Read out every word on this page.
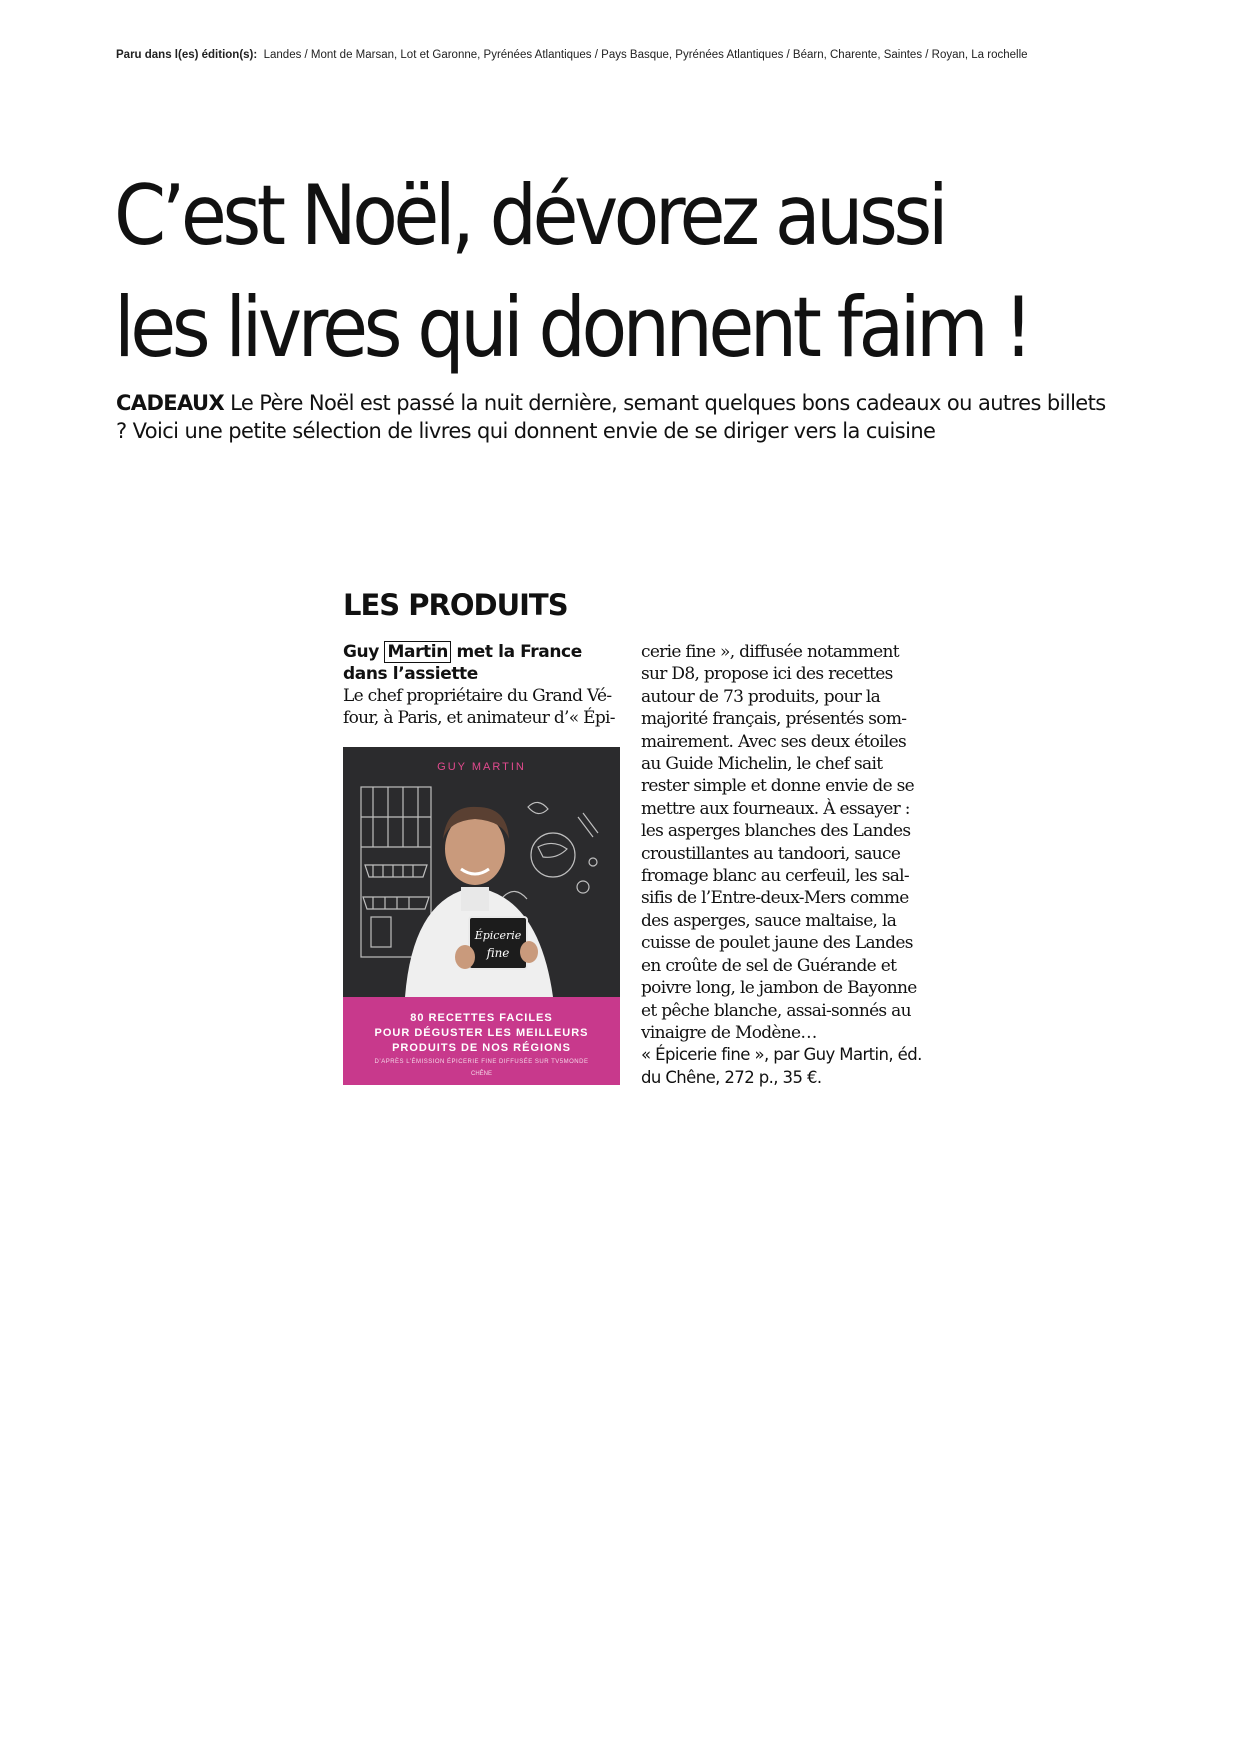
Paru dans l(es) édition(s): Landes / Mont de Marsan, Lot et Garonne, Pyrénées Atlantiques / Pays Basque, Pyrénées Atlantiques / Béarn, Charente, Saintes / Royan, La rochelle
C’est Noël, dévorez aussi
les livres qui donnent faim !

CADEAUX Le Père Noël est passé la nuit dernière, semant quelques bons cadeaux ou autres billets ? Voici une petite sélection de livres qui donnent envie de se diriger vers la cuisine

LES PRODUITS
Guy Martin met la France dans l’assiette

Le chef propriétaire du Grand Vé-four, à Paris, et animateur d’« Épi-

Épicerie
fine
GUY MARTIN
80 RECETTES FACILES
POUR DÉGUSTER LES MEILLEURS
PRODUITS DE NOS RÉGIONS
D’APRÈS L’ÉMISSION ÉPICERIE FINE DIFFUSÉE SUR TV5MONDE
CHÊNE

cerie fine », diffusée notamment sur D8, propose ici des recettes autour de 73 produits, pour la majorité français, présentés som-mairement. Avec ses deux étoiles au Guide Michelin, le chef sait rester simple et donne envie de se mettre aux fourneaux. À essayer : les asperges blanches des Landes croustillantes au tandoori, sauce fromage blanc au cerfeuil, les sal-sifis de l’Entre-deux-Mers comme des asperges, sauce maltaise, la cuisse de poulet jaune des Landes en croûte de sel de Guérande et poivre long, le jambon de Bayonne et pêche blanche, assai-sonnés au vinaigre de Modène…

« Épicerie fine », par Guy Martin, éd. du Chêne, 272 p., 35 €.
